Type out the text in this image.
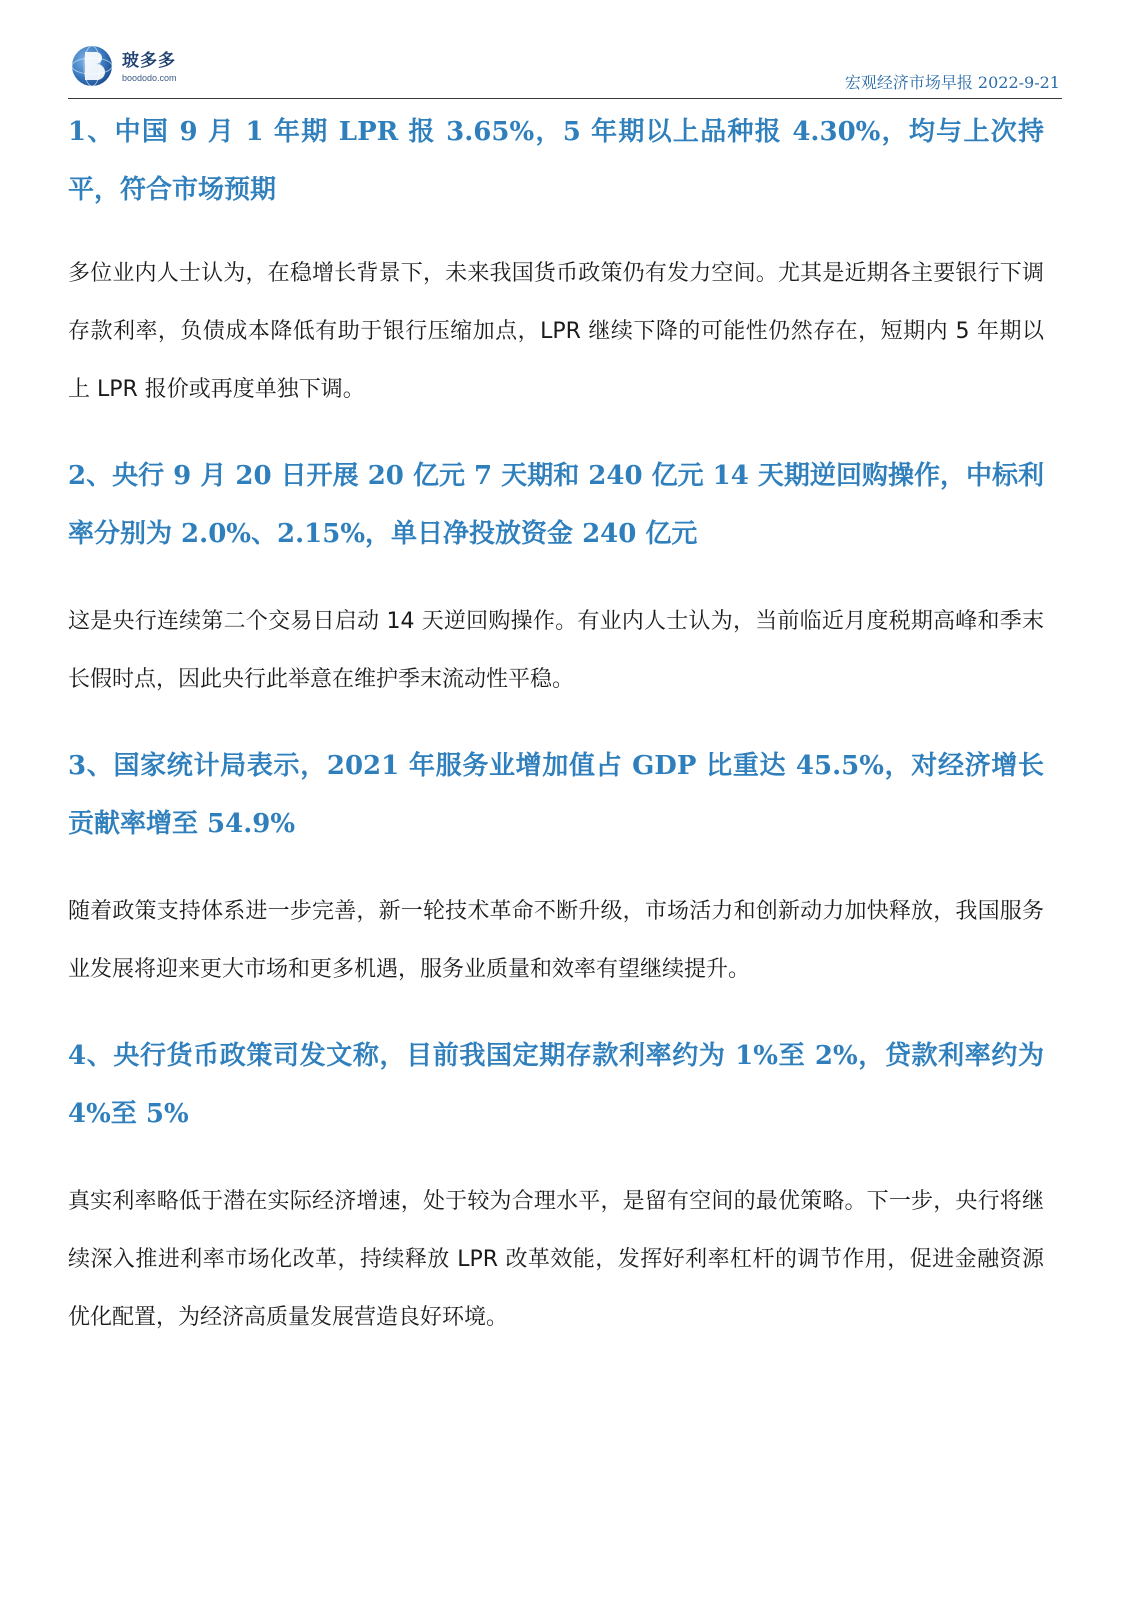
玻多多
boododo.com	宏观经济市场早报 2022-9-21
1、中国 9 月 1 年期 LPR 报 3.65%，5 年期以上品种报 4.30%，均与上次持平，符合市场预期

多位业内人士认为，在稳增长背景下，未来我国货币政策仍有发力空间。尤其是近期各主要银行下调存款利率，负债成本降低有助于银行压缩加点，LPR 继续下降的可能性仍然存在，短期内 5 年期以上 LPR 报价或再度单独下调。

2、央行 9 月 20 日开展 20 亿元 7 天期和 240 亿元 14 天期逆回购操作，中标利率分别为 2.0%、2.15%，单日净投放资金 240 亿元

这是央行连续第二个交易日启动 14 天逆回购操作。有业内人士认为，当前临近月度税期高峰和季末长假时点，因此央行此举意在维护季末流动性平稳。

3、国家统计局表示，2021 年服务业增加值占 GDP 比重达 45.5%，对经济增长贡献率增至 54.9%

随着政策支持体系进一步完善，新一轮技术革命不断升级，市场活力和创新动力加快释放，我国服务业发展将迎来更大市场和更多机遇，服务业质量和效率有望继续提升。

4、央行货币政策司发文称，目前我国定期存款利率约为 1%至 2%，贷款利率约为 4%至 5%

真实利率略低于潜在实际经济增速，处于较为合理水平，是留有空间的最优策略。下一步，央行将继续深入推进利率市场化改革，持续释放 LPR 改革效能，发挥好利率杠杆的调节作用，促进金融资源优化配置，为经济高质量发展营造良好环境。
